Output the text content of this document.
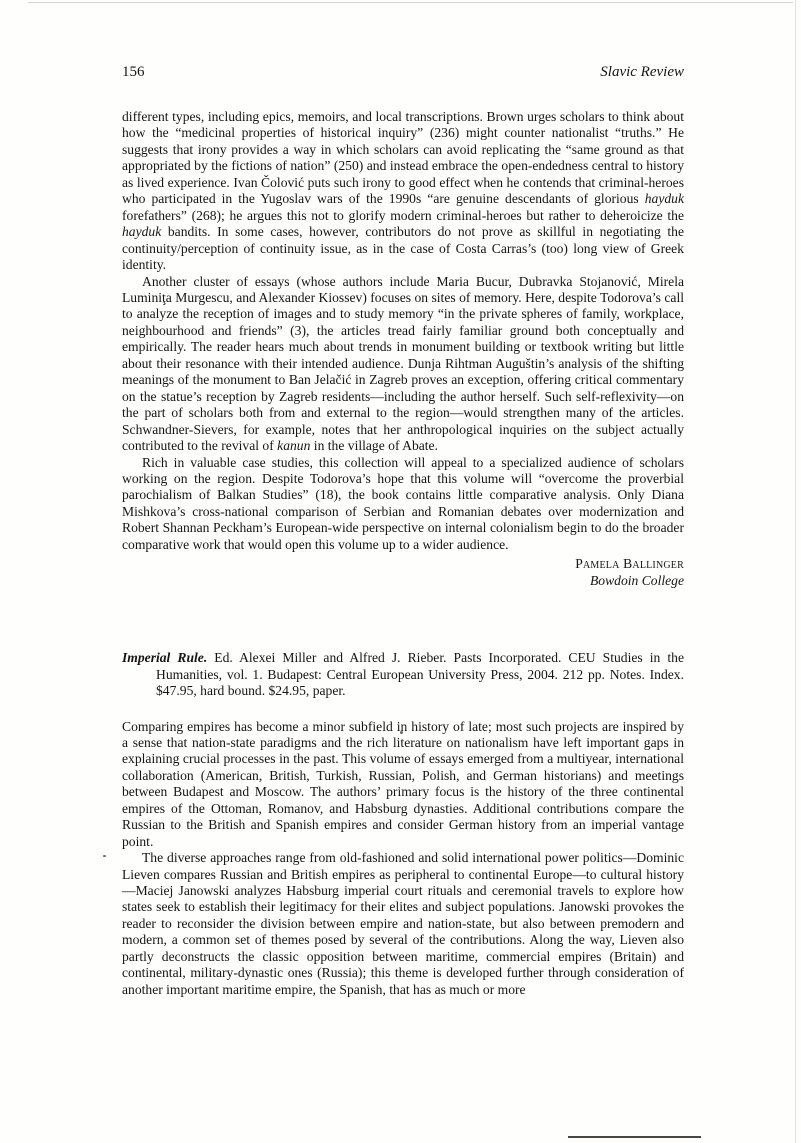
156	Slavic Review

different types, including epics, memoirs, and local transcriptions. Brown urges scholars to think about how the “medicinal properties of historical inquiry” (236) might counter nationalist “truths.” He suggests that irony provides a way in which scholars can avoid replicating the “same ground as that appropriated by the fictions of nation” (250) and instead embrace the open-endedness central to history as lived experience. Ivan Čolović puts such irony to good effect when he contends that criminal-heroes who participated in the Yugoslav wars of the 1990s “are genuine descendants of glorious hayduk forefathers” (268); he argues this not to glorify modern criminal-heroes but rather to deheroicize the hayduk bandits. In some cases, however, contributors do not prove as skillful in negotiating the continuity/perception of continuity issue, as in the case of Costa Carras’s (too) long view of Greek identity.

Another cluster of essays (whose authors include Maria Bucur, Dubravka Stojanović, Mirela Luminiţa Murgescu, and Alexander Kiossev) focuses on sites of memory. Here, despite Todorova’s call to analyze the reception of images and to study memory “in the private spheres of family, workplace, neighbourhood and friends” (3), the articles tread fairly familiar ground both conceptually and empirically. The reader hears much about trends in monument building or textbook writing but little about their resonance with their intended audience. Dunja Rihtman Auguštin’s analysis of the shifting meanings of the monument to Ban Jelačić in Zagreb proves an exception, offering critical commentary on the statue’s reception by Zagreb residents—including the author herself. Such self-reflexivity—on the part of scholars both from and external to the region—would strengthen many of the articles. Schwandner-Sievers, for example, notes that her anthropological inquiries on the subject actually contributed to the revival of kanun in the village of Abate.

Rich in valuable case studies, this collection will appeal to a specialized audience of scholars working on the region. Despite Todorova’s hope that this volume will “overcome the proverbial parochialism of Balkan Studies” (18), the book contains little comparative analysis. Only Diana Mishkova’s cross-national comparison of Serbian and Romanian debates over modernization and Robert Shannan Peckham’s European-wide perspective on internal colonialism begin to do the broader comparative work that would open this volume up to a wider audience.

Pamela Ballinger
Bowdoin College
Imperial Rule. Ed. Alexei Miller and Alfred J. Rieber. Pasts Incorporated. CEU Studies in the Humanities, vol. 1. Budapest: Central European University Press, 2004. 212 pp. Notes. Index. $47.95, hard bound. $24.95, paper.

Comparing empires has become a minor subfield in history of late; most such projects are inspired by a sense that nation-state paradigms and the rich literature on nationalism have left important gaps in explaining crucial processes in the past. This volume of essays emerged from a multiyear, international collaboration (American, British, Turkish, Russian, Polish, and German historians) and meetings between Budapest and Moscow. The authors’ primary focus is the history of the three continental empires of the Ottoman, Romanov, and Habsburg dynasties. Additional contributions compare the Russian to the British and Spanish empires and consider German history from an imperial vantage point.

The diverse approaches range from old-fashioned and solid international power politics—Dominic Lieven compares Russian and British empires as peripheral to continental Europe—to cultural history—Maciej Janowski analyzes Habsburg imperial court rituals and ceremonial travels to explore how states seek to establish their legitimacy for their elites and subject populations. Janowski provokes the reader to reconsider the division between empire and nation-state, but also between premodern and modern, a common set of themes posed by several of the contributions. Along the way, Lieven also partly deconstructs the classic opposition between maritime, commercial empires (Britain) and continental, military-dynastic ones (Russia); this theme is developed further through consideration of another important maritime empire, the Spanish, that has as much or more
